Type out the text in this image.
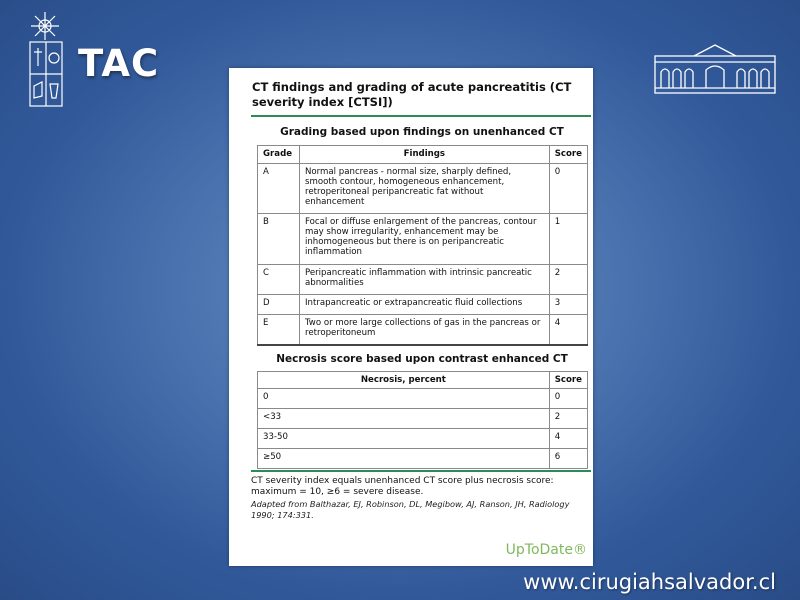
TAC
CT findings and grading of acute pancreatitis (CT severity index [CTSI])
Grading based upon findings on unenhanced CT
Grade	Findings	Score
A	Normal pancreas - normal size, sharply defined, smooth contour, homogeneous enhancement, retroperitoneal peripancreatic fat without enhancement	0
B	Focal or diffuse enlargement of the pancreas, contour may show irregularity, enhancement may be inhomogeneous but there is on peripancreatic inflammation	1
C	Peripancreatic inflammation with intrinsic pancreatic abnormalities	2
D	Intrapancreatic or extrapancreatic fluid collections	3
E	Two or more large collections of gas in the pancreas or retroperitoneum	4
Necrosis score based upon contrast enhanced CT
Necrosis, percent	Score
0	0
<33	2
33-50	4
≥50	6
CT severity index equals unenhanced CT score plus necrosis score: maximum = 10, ≥6 = severe disease.
Adapted from Balthazar, EJ, Robinson, DL, Megibow, AJ, Ranson, JH, Radiology 1990; 174:331.
UpToDate®
www.cirugiahsalvador.cl
